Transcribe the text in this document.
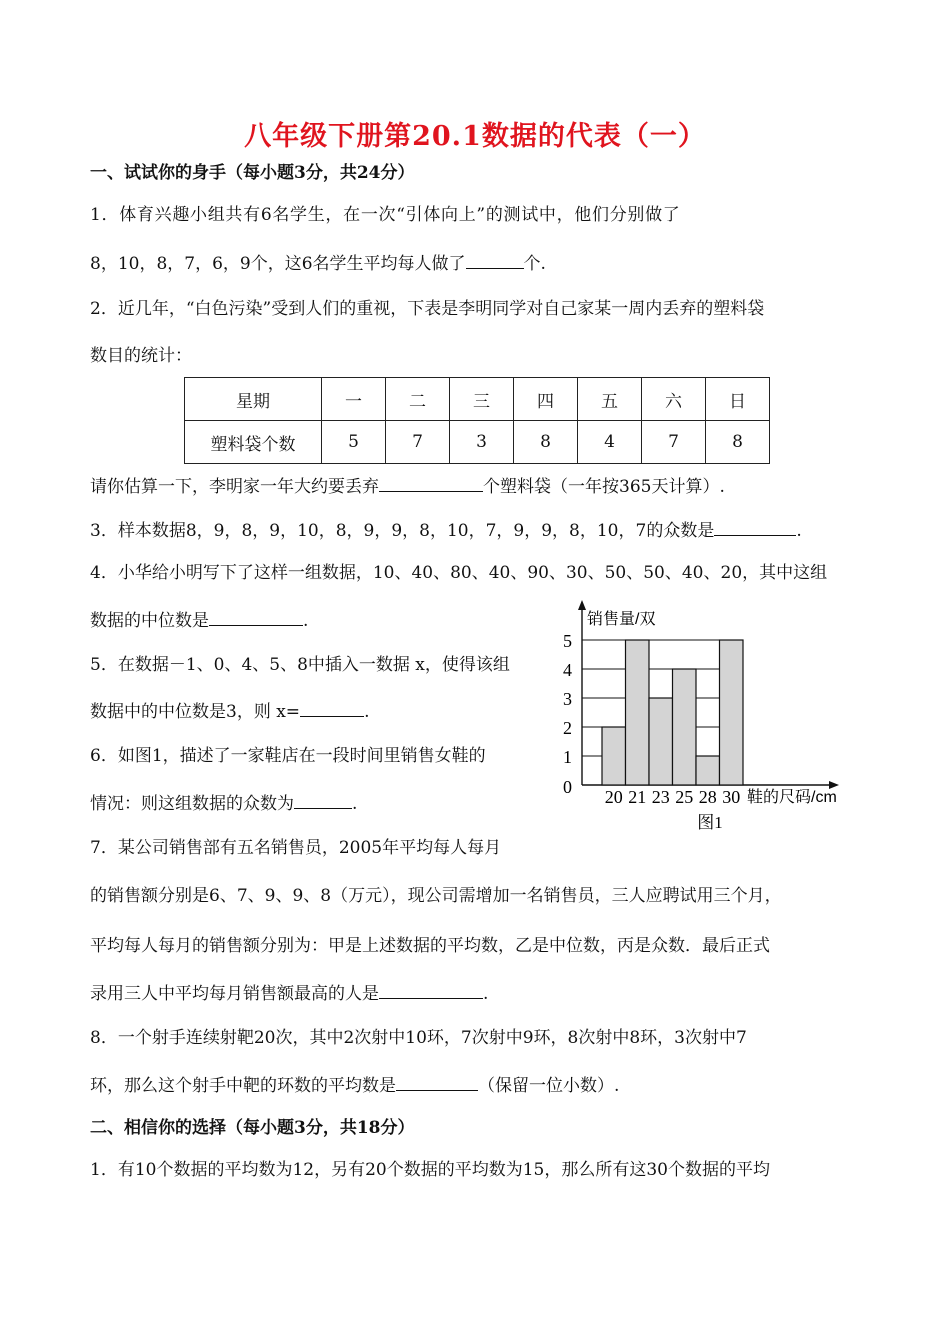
八年级下册第20.1数据的代表（一）
一、试试你的身手（每小题3分，共24分）
1．体育兴趣小组共有6名学生，在一次“引体向上”的测试中，他们分别做了
8，10，8，7，6，9个，这6名学生平均每人做了	个.
2．近几年，“白色污染”受到人们的重视，下表是李明同学对自己家某一周内丢弃的塑料袋
数目的统计：
星期	一	二	三	四	五	六	日
塑料袋个数	5	7	3	8	4	7	8
请你估算一下，李明家一年大约要丢弃	个塑料袋（一年按365天计算）.
3．样本数据8，9，8，9，10，8，9，9，8，10，7，9，9，8，10，7的众数是	.
4．小华给小明写下了这样一组数据，10、40、80、40、90、30、50、50、40、20，其中这组
数据的中位数是	.
5．在数据－1、0、4、5、8中插入一数据 x，使得该组
数据中的中位数是3，则 x=	.
6．如图1，描述了一家鞋店在一段时间里销售女鞋的
情况：则这组数据的众数为	.
7．某公司销售部有五名销售员，2005年平均每人每月
的销售额分别是6、7、9、9、8（万元），现公司需增加一名销售员，三人应聘试用三个月，
平均每人每月的销售额分别为：甲是上述数据的平均数，乙是中位数，丙是众数．最后正式
录用三人中平均每月销售额最高的人是	.
8．一个射手连续射靶20次，其中2次射中10环，7次射中9环，8次射中8环，3次射中7
环，那么这个射手中靶的环数的平均数是	（保留一位小数）.
二、相信你的选择（每小题3分，共18分）
1．有10个数据的平均数为12，另有20个数据的平均数为15，那么所有这30个数据的平均
销售量/双
鞋的尺码/cm
图1
0
1
2
3
4
5
20 21 23 25 28 30
